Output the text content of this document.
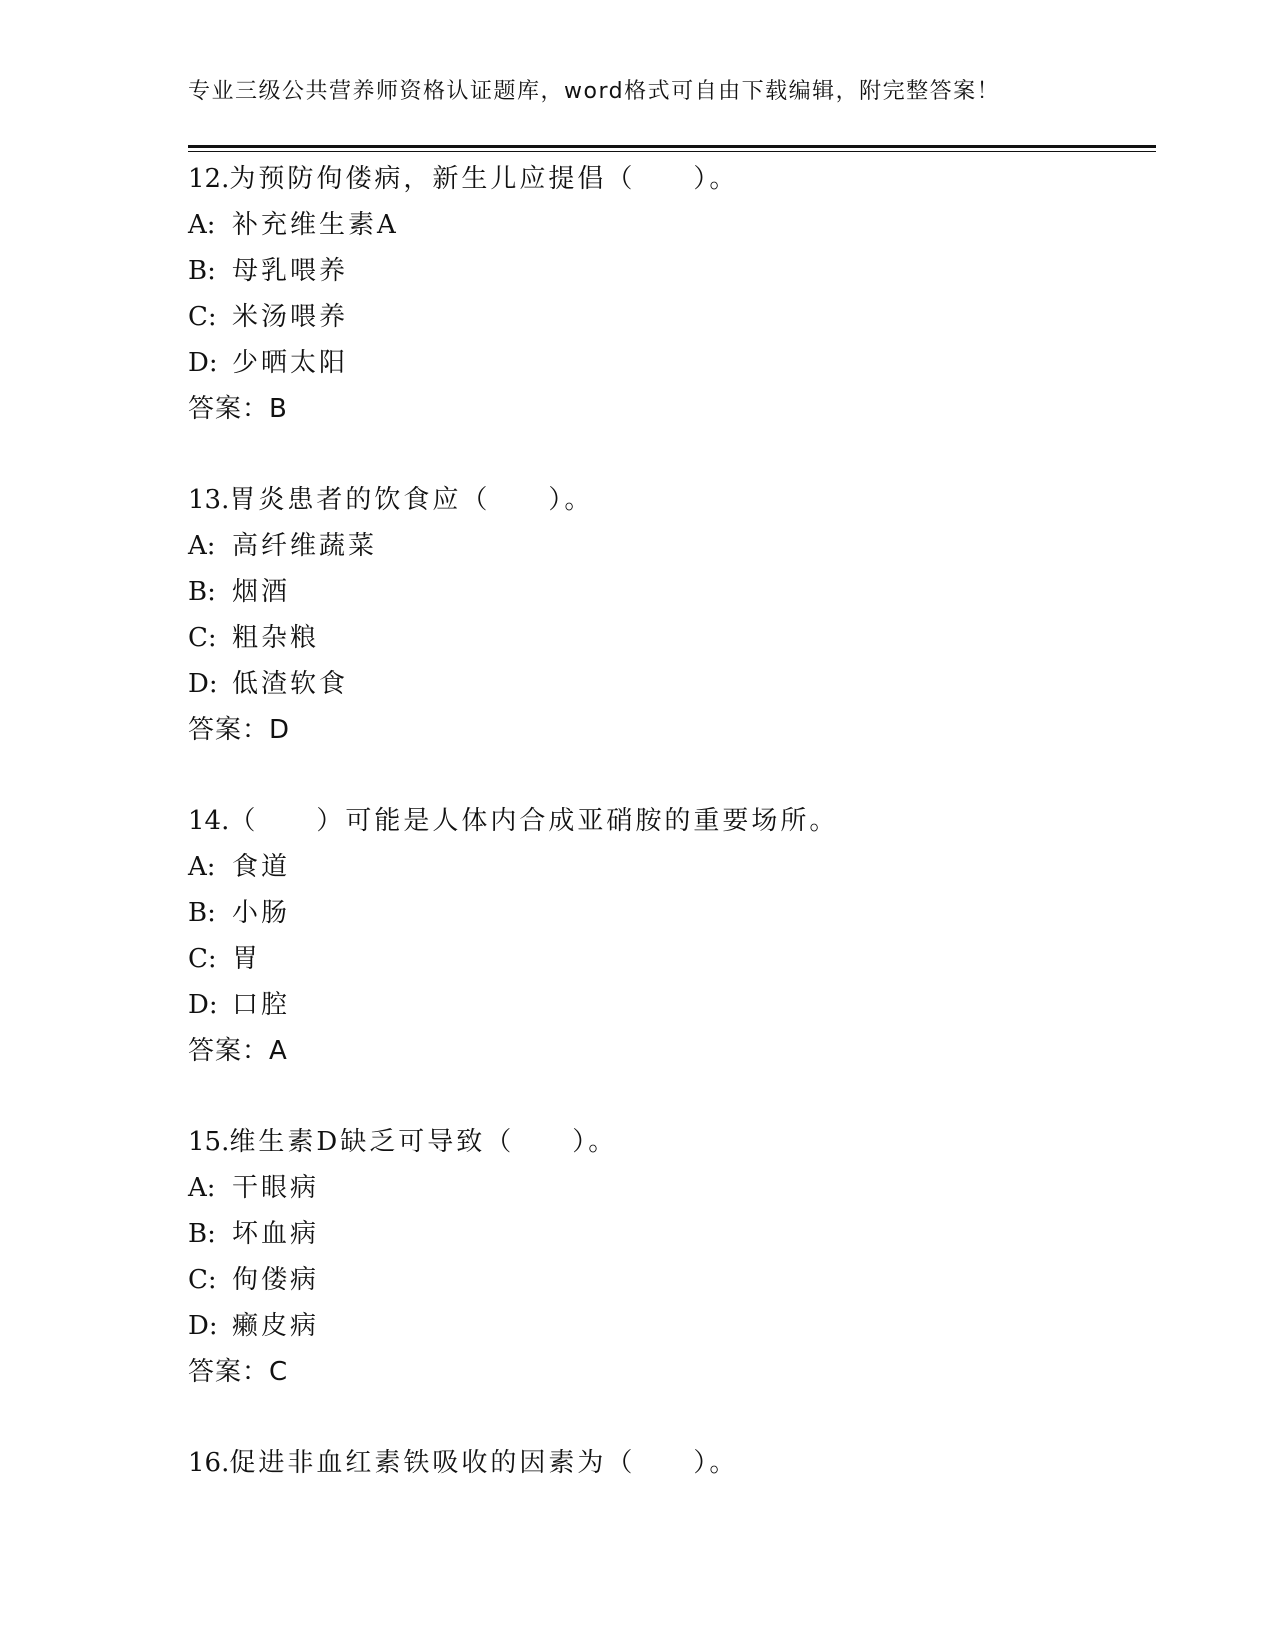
专业三级公共营养师资格认证题库，word格式可自由下载编辑，附完整答案！
12.为预防佝偻病，新生儿应提倡（　　）。
A: 补充维生素A
B: 母乳喂养
C: 米汤喂养
D: 少晒太阳
答案：B
13.胃炎患者的饮食应（　　）。
A: 高纤维蔬菜
B: 烟酒
C: 粗杂粮
D: 低渣软食
答案：D
14.（　　）可能是人体内合成亚硝胺的重要场所。
A: 食道
B: 小肠
C: 胃
D: 口腔
答案：A
15.维生素D缺乏可导致（　　）。
A: 干眼病
B: 坏血病
C: 佝偻病
D: 癞皮病
答案：C
16.促进非血红素铁吸收的因素为（　　）。
